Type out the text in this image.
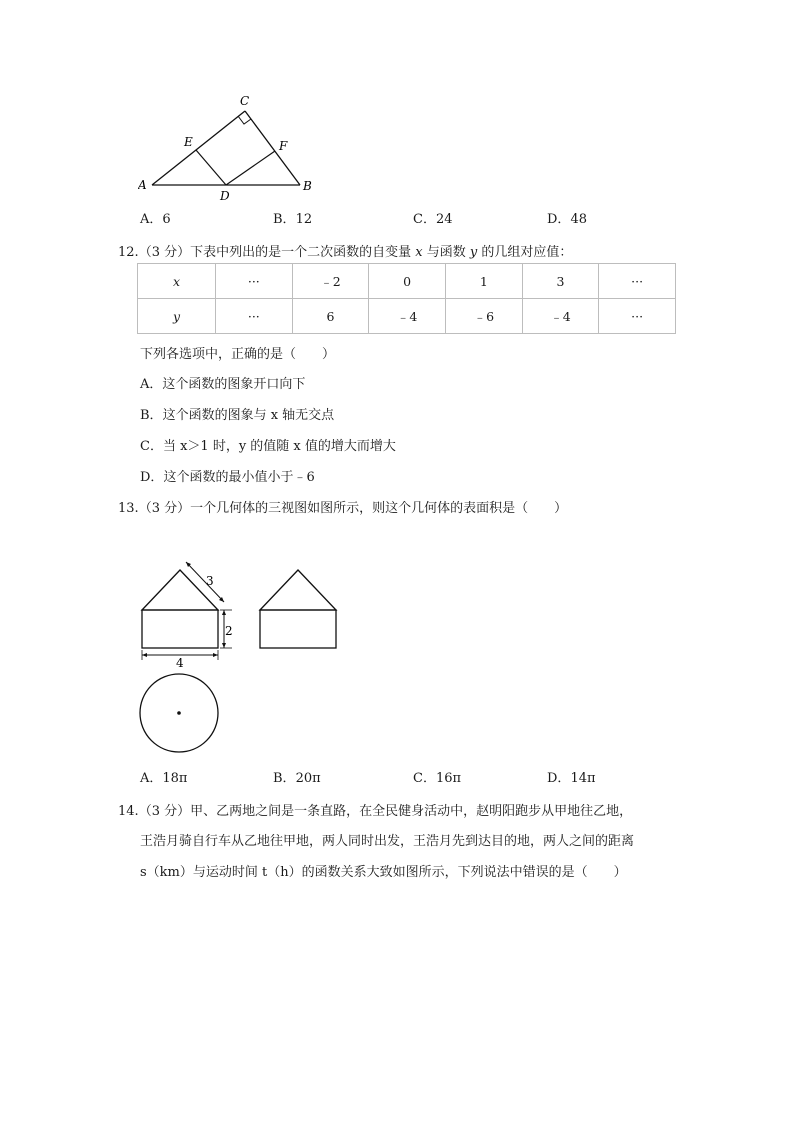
C
E	F
A
D
B
A．6	B．12	C．24	D．48
12.（3 分）下表中列出的是一个二次函数的自变量 x 与函数 y 的几组对应值：
x	···	﹣2	0	1	3	···
y	···	6	﹣4	﹣6	﹣4	···
下列各选项中，正确的是（　　）
A．这个函数的图象开口向下
B．这个函数的图象与 x 轴无交点
C．当 x＞1 时，y 的值随 x 值的增大而增大
D．这个函数的最小值小于﹣6
13.（3 分）一个几何体的三视图如图所示，则这个几何体的表面积是（　　）
3
2
4
A．18π	B．20π	C．16π	D．14π
14.（3 分）甲、乙两地之间是一条直路，在全民健身活动中，赵明阳跑步从甲地往乙地，
王浩月骑自行车从乙地往甲地，两人同时出发，王浩月先到达目的地，两人之间的距离
s（km）与运动时间 t（h）的函数关系大致如图所示，下列说法中错误的是（　　）
